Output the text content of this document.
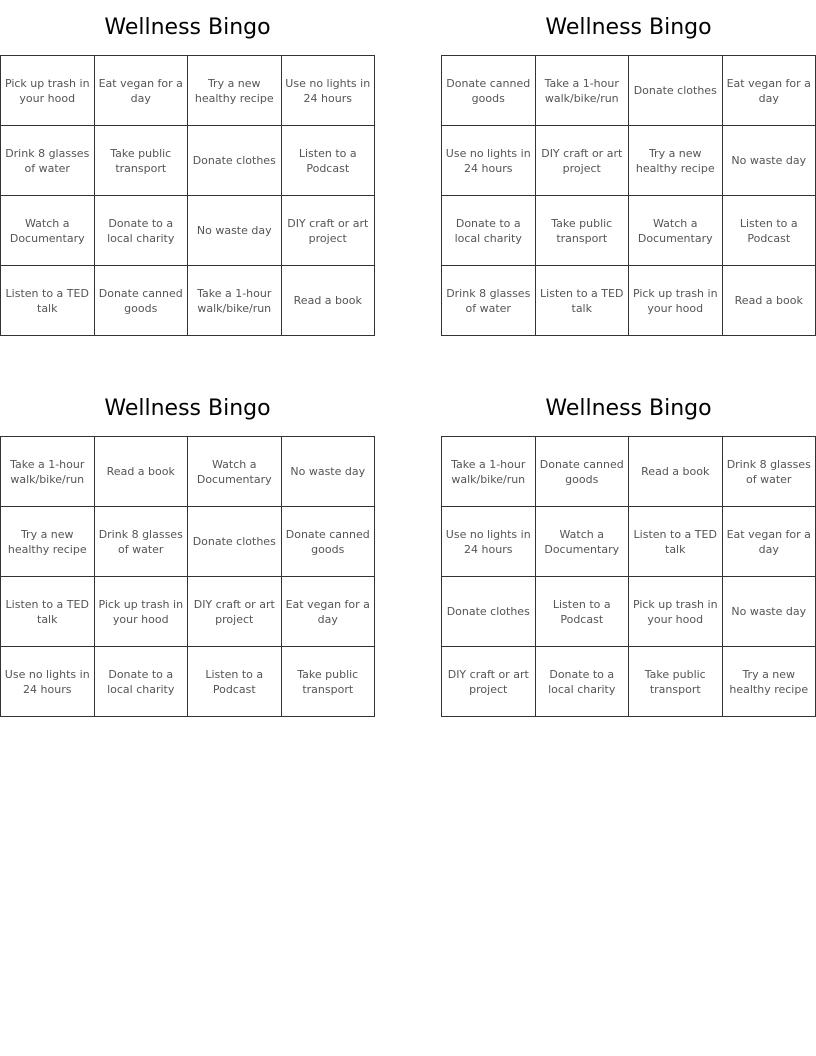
Wellness Bingo
Pick up trash in your hood
Eat vegan for a day
Try a new healthy recipe
Use no lights in 24 hours
Drink 8 glasses of water
Take public transport
Donate clothes
Listen to a Podcast
Watch a Documentary
Donate to a local charity
No waste day
DIY craft or art project
Listen to a TED talk
Donate canned goods
Take a 1-hour walk/bike/run
Read a book
Wellness Bingo
Donate canned goods
Take a 1-hour walk/bike/run
Donate clothes
Eat vegan for a day
Use no lights in 24 hours
DIY craft or art project
Try a new healthy recipe
No waste day
Donate to a local charity
Take public transport
Watch a Documentary
Listen to a Podcast
Drink 8 glasses of water
Listen to a TED talk
Pick up trash in your hood
Read a book
Wellness Bingo
Take a 1-hour walk/bike/run
Read a book
Watch a Documentary
No waste day
Try a new healthy recipe
Drink 8 glasses of water
Donate clothes
Donate canned goods
Listen to a TED talk
Pick up trash in your hood
DIY craft or art project
Eat vegan for a day
Use no lights in 24 hours
Donate to a local charity
Listen to a Podcast
Take public transport
Wellness Bingo
Take a 1-hour walk/bike/run
Donate canned goods
Read a book
Drink 8 glasses of water
Use no lights in 24 hours
Watch a Documentary
Listen to a TED talk
Eat vegan for a day
Donate clothes
Listen to a Podcast
Pick up trash in your hood
No waste day
DIY craft or art project
Donate to a local charity
Take public transport
Try a new healthy recipe
